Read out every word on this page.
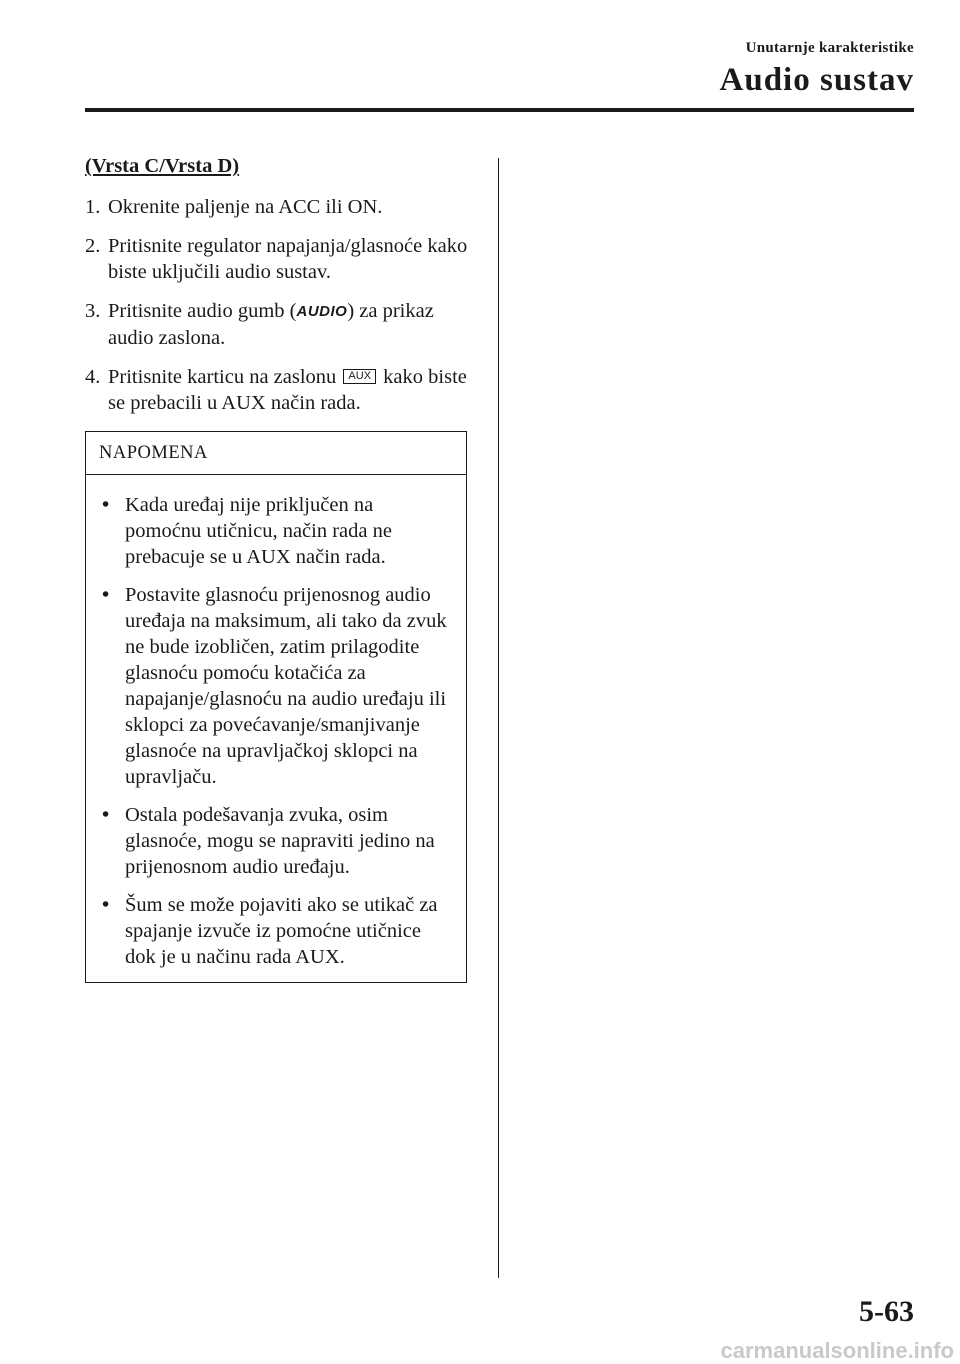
Unutarnje karakteristike
Audio sustav
(Vrsta C/Vrsta D)
1. Okrenite paljenje na ACC ili ON.
2. Pritisnite regulator napajanja/glasnoće kako biste uključili audio sustav.
3. Pritisnite audio gumb (AUDIO) za prikaz audio zaslona.
4. Pritisnite karticu na zaslonu AUX kako biste se prebacili u AUX način rada.
NAPOMENA
• Kada uređaj nije priključen na pomoćnu utičnicu, način rada ne prebacuje se u AUX način rada.
• Postavite glasnoću prijenosnog audio uređaja na maksimum, ali tako da zvuk ne bude izobličen, zatim prilagodite glasnoću pomoću kotačića za napajanje/glasnoću na audio uređaju ili sklopci za povećavanje/smanjivanje glasnoće na upravljačkoj sklopci na upravljaču.
• Ostala podešavanja zvuka, osim glasnoće, mogu se napraviti jedino na prijenosnom audio uređaju.
• Šum se može pojaviti ako se utikač za spajanje izvuče iz pomoćne utičnice dok je u načinu rada AUX.
5-63
carmanualsonline.info
